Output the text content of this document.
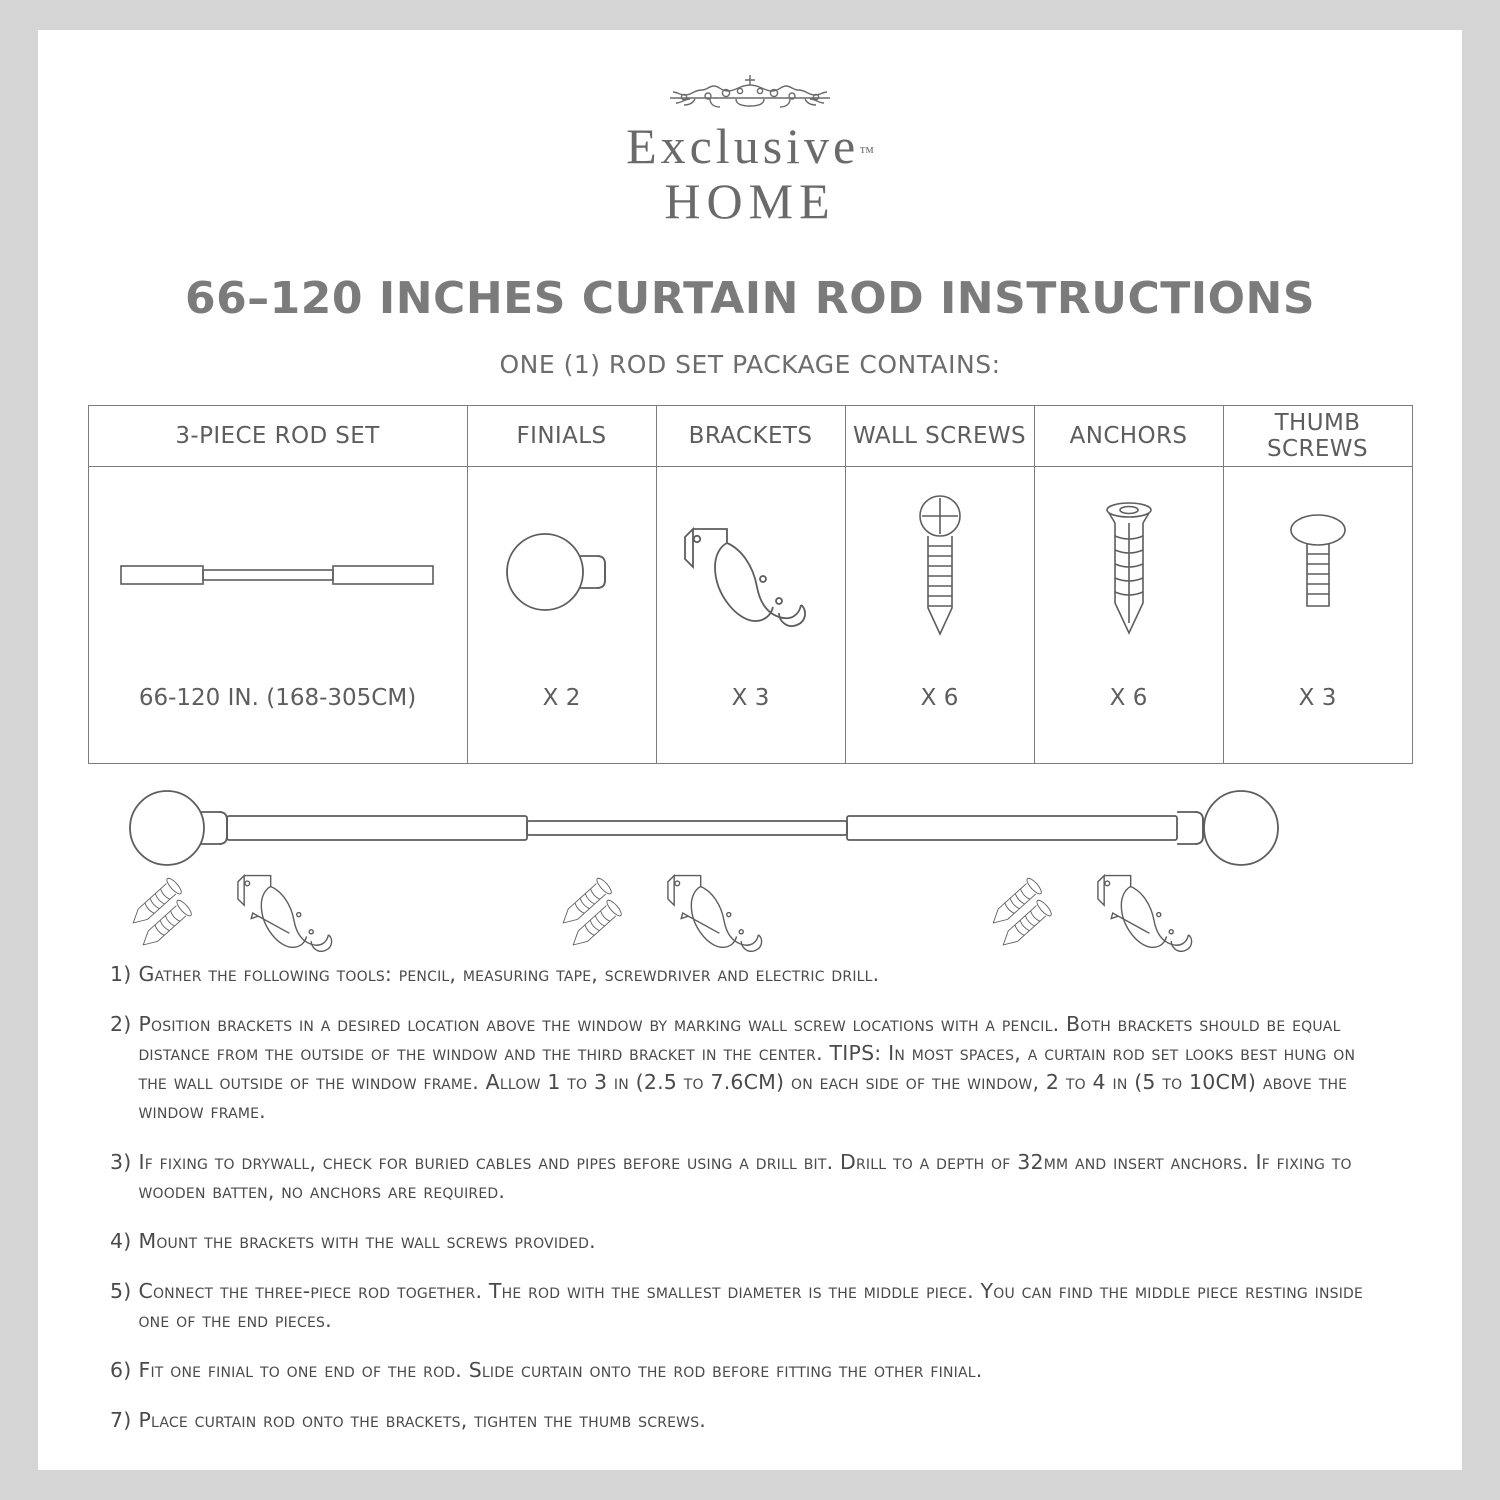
Exclusive™
HOME
66–120 INCHES CURTAIN ROD INSTRUCTIONS
ONE (1) ROD SET PACKAGE CONTAINS:
3-PIECE ROD SET	FINIALS	BRACKETS	WALL SCREWS	ANCHORS	THUMB SCREWS

66-120 IN. (168-305CM)	X 2	X 3	X 6	X 6	X 3
1) Gather the following tools: pencil, measuring tape, screwdriver and electric drill.
2) Position brackets in a desired location above the window by marking wall screw locations with a pencil. Both brackets should be equal distance from the outside of the window and the third bracket in the center. TIPS: In most spaces, a curtain rod set looks best hung on the wall outside of the window frame. Allow 1 to 3 in (2.5 to 7.6CM) on each side of the window, 2 to 4 in (5 to 10CM) above the window frame.
3) If fixing to drywall, check for buried cables and pipes before using a drill bit. Drill to a depth of 32mm and insert anchors. If fixing to wooden batten, no anchors are required.
4) Mount the brackets with the wall screws provided.
5) Connect the three-piece rod together. The rod with the smallest diameter is the middle piece. You can find the middle piece resting inside one of the end pieces.
6) Fit one finial to one end of the rod. Slide curtain onto the rod before fitting the other finial.
7) Place curtain rod onto the brackets, tighten the thumb screws.
